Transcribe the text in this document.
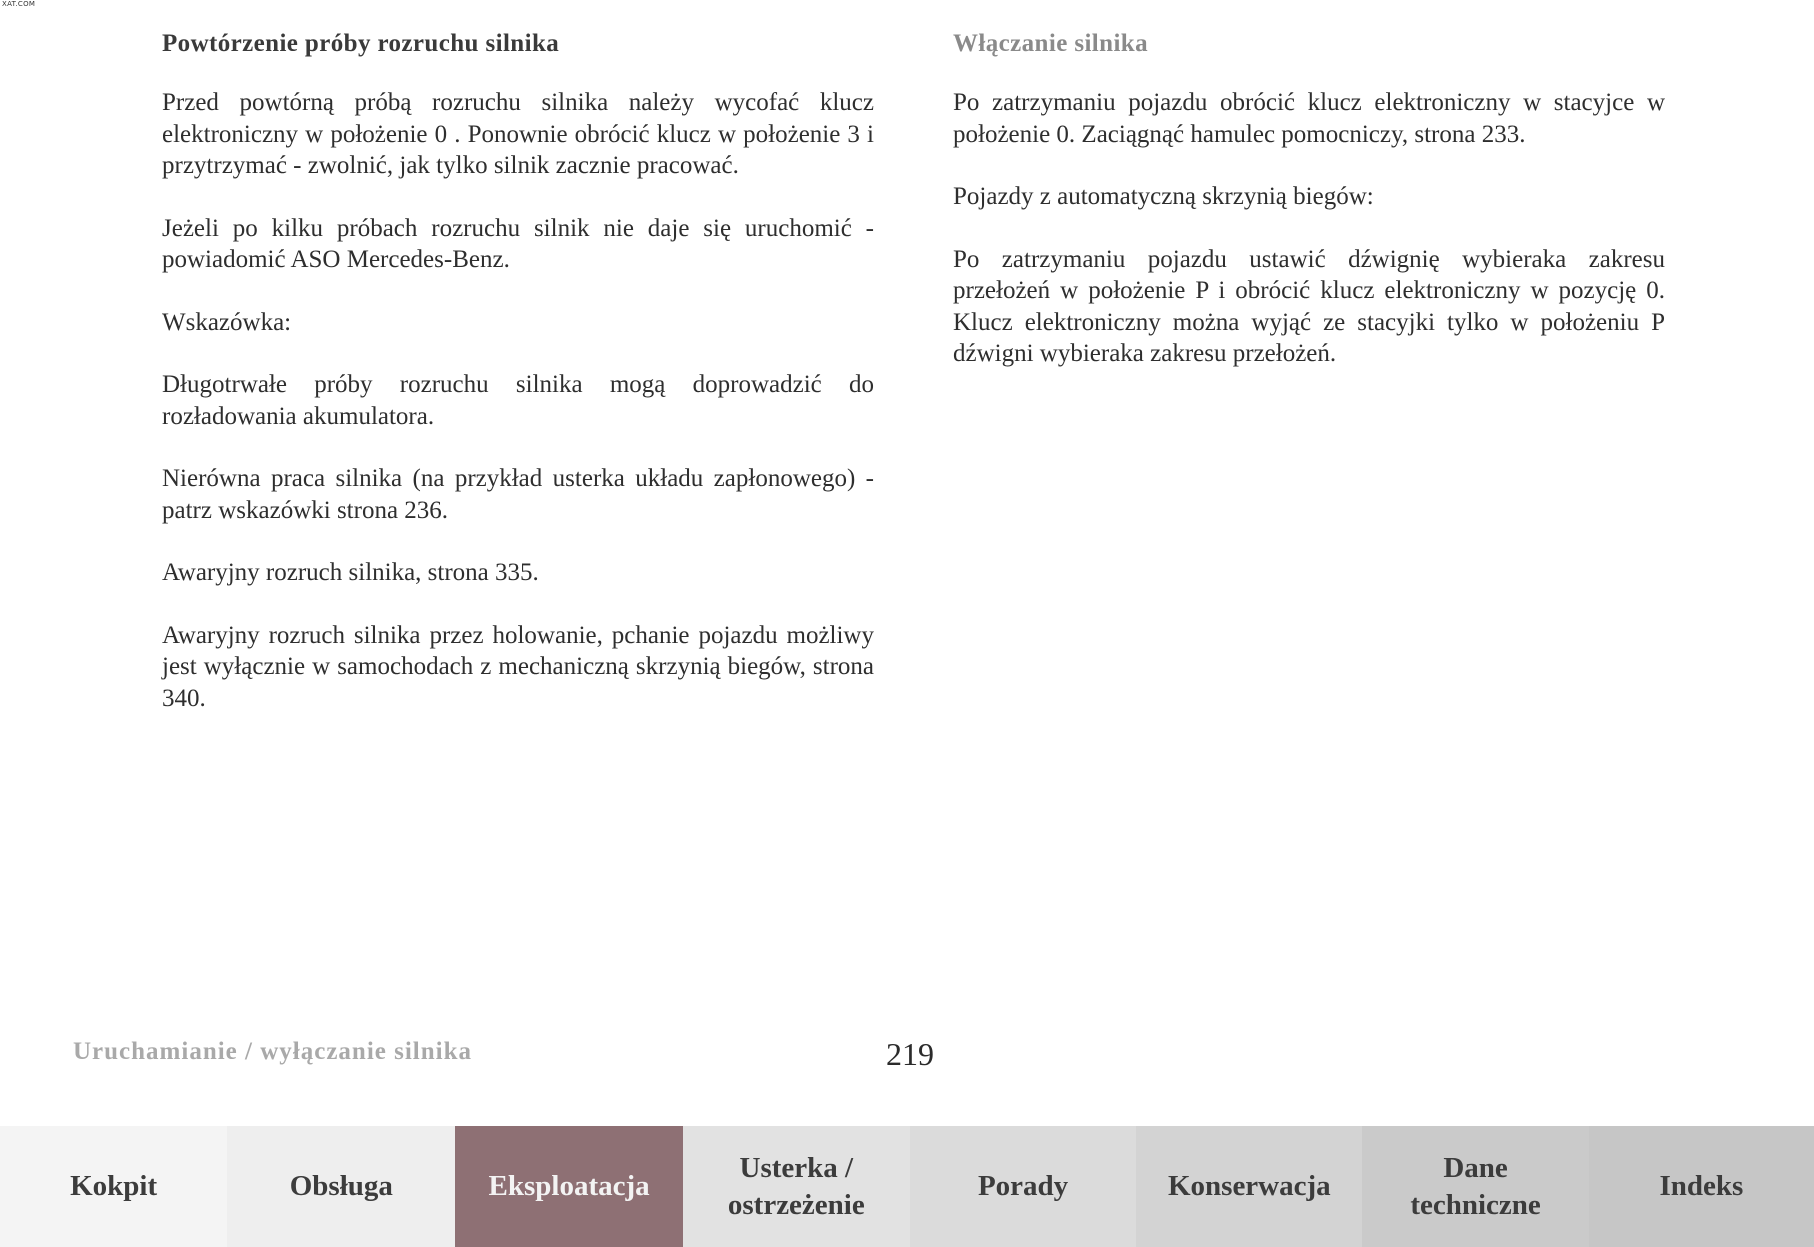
XAT.COM
Powtórzenie próby rozruchu silnika

Przed powtórną próbą rozruchu silnika należy wycofać klucz elektroniczny w położenie 0 . Ponownie obrócić klucz w położenie 3 i przytrzymać - zwolnić, jak tylko silnik zacznie pracować.

Jeżeli po kilku próbach rozruchu silnik nie daje się uruchomić - powiadomić ASO Mercedes-Benz.

Wskazówka:

Długotrwałe próby rozruchu silnika mogą doprowadzić do rozładowania akumulatora.

Nierówna praca silnika (na przykład usterka układu zapłonowego) - patrz wskazówki strona 236.

Awaryjny rozruch silnika, strona 335.

Awaryjny rozruch silnika przez holowanie, pchanie pojazdu możliwy jest wyłącznie w samochodach z mechaniczną skrzynią biegów, strona 340.

Włączanie silnika

Po zatrzymaniu pojazdu obrócić klucz elektroniczny w stacyjce w położenie 0. Zaciągnąć hamulec pomocniczy, strona 233.

Pojazdy z automatyczną skrzynią biegów:

Po zatrzymaniu pojazdu ustawić dźwignię wybieraka zakresu przełożeń w położenie P i obrócić klucz elektroniczny w pozycję 0. Klucz elektroniczny można wyjąć ze stacyjki tylko w położeniu P dźwigni wybieraka zakresu przełożeń.

Uruchamianie / wyłączanie silnika	219
Kokpit	Obsługa	Eksploatacja
Usterka /
ostrzeżenie
Porady	Konserwacja
Dane
techniczne
Indeks
